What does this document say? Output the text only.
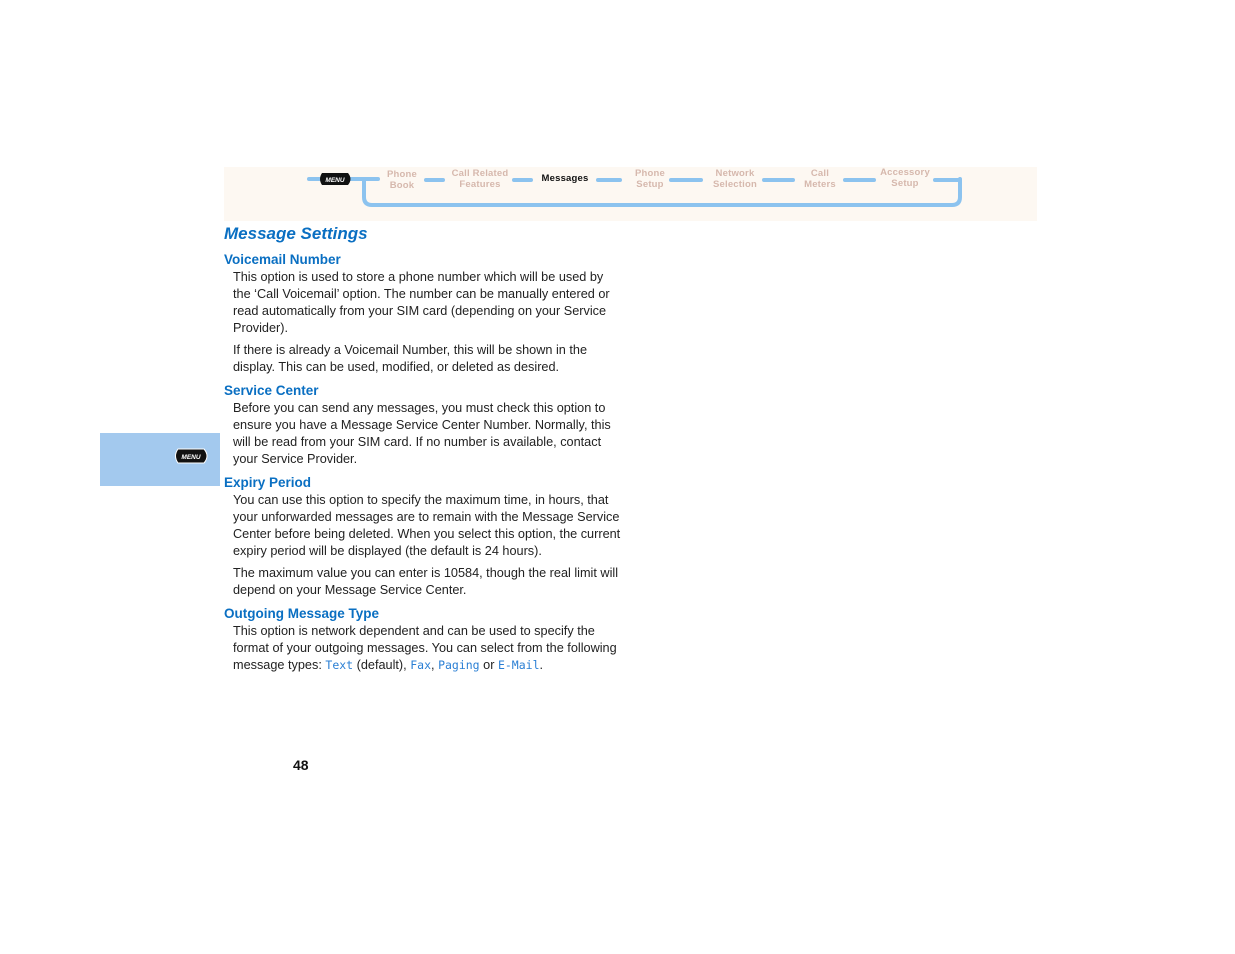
MENU
Phone
Book
Call Related
Features
Messages	Phone
Setup
Network
Selection
Call
Meters
Accessory
Setup
Message Settings
MENU
Voicemail Number

This option is used to store a phone number which will be used by the ‘Call Voicemail’ option. The number can be manually entered or read automatically from your SIM card (depending on your Service Provider).

If there is already a Voicemail Number, this will be shown in the display. This can be used, modified, or deleted as desired.

Service Center

Before you can send any messages, you must check this option to ensure you have a Message Service Center Number. Normally, this will be read from your SIM card. If no number is available, contact your Service Provider.

Expiry Period

You can use this option to specify the maximum time, in hours, that your unforwarded messages are to remain with the Message Service Center before being deleted. When you select this option, the current expiry period will be displayed (the default is 24 hours).

The maximum value you can enter is 10584, though the real limit will depend on your Message Service Center.

Outgoing Message Type

This option is network dependent and can be used to specify the format of your outgoing messages. You can select from the following message types: Text (default), Fax, Paging or E-Mail.

48
